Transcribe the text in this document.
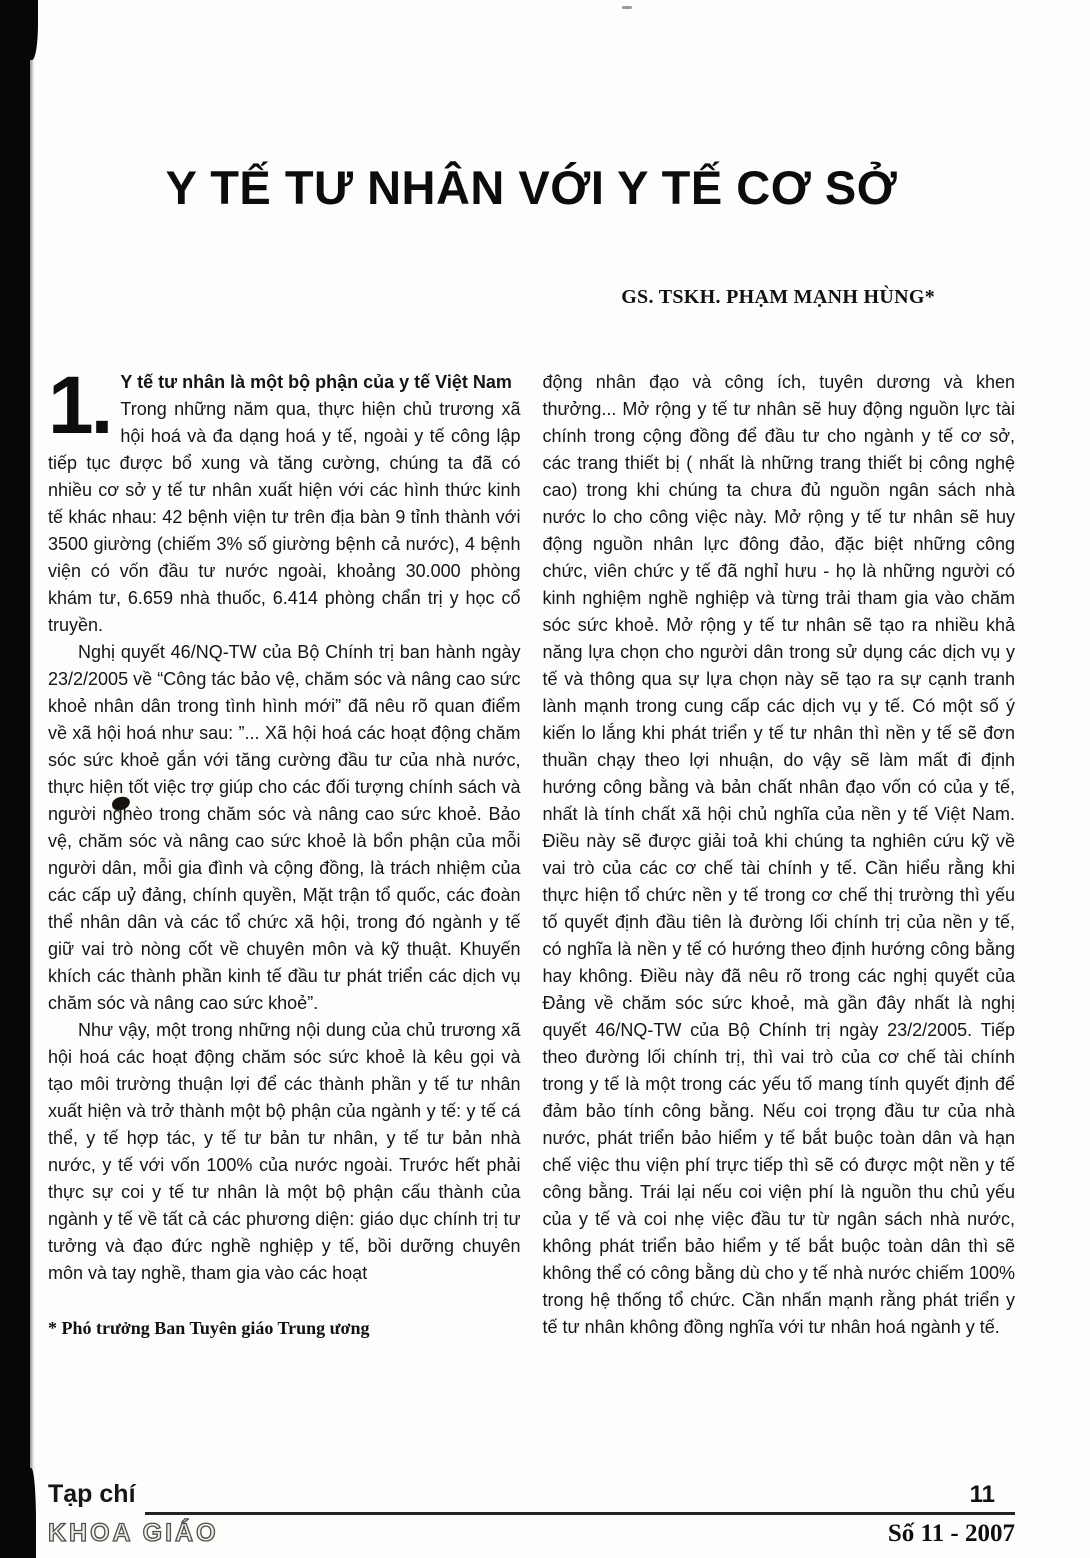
Y TẾ TƯ NHÂN VỚI Y TẾ CƠ SỞ
GS. TSKH. PHẠM MẠNH HÙNG*

1. Y tế tư nhân là một bộ phận của y tế Việt Nam
Trong những năm qua, thực hiện chủ trương xã hội hoá và đa dạng hoá y tế, ngoài y tế công lập tiếp tục được bổ xung và tăng cường, chúng ta đã có nhiều cơ sở y tế tư nhân xuất hiện với các hình thức kinh tế khác nhau: 42 bệnh viện tư trên địa bàn 9 tỉnh thành với 3500 giường (chiếm 3% số giường bệnh cả nước), 4 bệnh viện có vốn đầu tư nước ngoài, khoảng 30.000 phòng khám tư, 6.659 nhà thuốc, 6.414 phòng chẩn trị y học cổ truyền.

Nghị quyết 46/NQ-TW của Bộ Chính trị ban hành ngày 23/2/2005 về “Công tác bảo vệ, chăm sóc và nâng cao sức khoẻ nhân dân trong tình hình mới” đã nêu rõ quan điểm về xã hội hoá như sau: ”... Xã hội hoá các hoạt động chăm sóc sức khoẻ gắn với tăng cường đầu tư của nhà nước, thực hiện tốt việc trợ giúp cho các đối tượng chính sách và người nghèo trong chăm sóc và nâng cao sức khoẻ. Bảo vệ, chăm sóc và nâng cao sức khoẻ là bổn phận của mỗi người dân, mỗi gia đình và cộng đồng, là trách nhiệm của các cấp uỷ đảng, chính quyền, Mặt trận tổ quốc, các đoàn thể nhân dân và các tổ chức xã hội, trong đó ngành y tế giữ vai trò nòng cốt về chuyên môn và kỹ thuật. Khuyến khích các thành phần kinh tế đầu tư phát triển các dịch vụ chăm sóc và nâng cao sức khoẻ”.

Như vậy, một trong những nội dung của chủ trương xã hội hoá các hoạt động chăm sóc sức khoẻ là kêu gọi và tạo môi trường thuận lợi để các thành phần y tế tư nhân xuất hiện và trở thành một bộ phận của ngành y tế: y tế cá thể, y tế hợp tác, y tế tư bản tư nhân, y tế tư bản nhà nước, y tế với vốn 100% của nước ngoài. Trước hết phải thực sự coi y tế tư nhân là một bộ phận cấu thành của ngành y tế về tất cả các phương diện: giáo dục chính trị tư tưởng và đạo đức nghề nghiệp y tế, bồi dưỡng chuyên môn và tay nghề, tham gia vào các hoạt

* Phó trưởng Ban Tuyên giáo Trung ương

động nhân đạo và công ích, tuyên dương và khen thưởng... Mở rộng y tế tư nhân sẽ huy động nguồn lực tài chính trong cộng đồng để đầu tư cho ngành y tế cơ sở, các trang thiết bị ( nhất là những trang thiết bị công nghệ cao) trong khi chúng ta chưa đủ nguồn ngân sách nhà nước lo cho công việc này. Mở rộng y tế tư nhân sẽ huy động nguồn nhân lực đông đảo, đặc biệt những công chức, viên chức y tế đã nghỉ hưu - họ là những người có kinh nghiệm nghề nghiệp và từng trải tham gia vào chăm sóc sức khoẻ. Mở rộng y tế tư nhân sẽ tạo ra nhiều khả năng lựa chọn cho người dân trong sử dụng các dịch vụ y tế và thông qua sự lựa chọn này sẽ tạo ra sự cạnh tranh lành mạnh trong cung cấp các dịch vụ y tế. Có một số ý kiến lo lắng khi phát triển y tế tư nhân thì nền y tế sẽ đơn thuần chạy theo lợi nhuận, do vậy sẽ làm mất đi định hướng công bằng và bản chất nhân đạo vốn có của y tế, nhất là tính chất xã hội chủ nghĩa của nền y tế Việt Nam. Điều này sẽ được giải toả khi chúng ta nghiên cứu kỹ về vai trò của các cơ chế tài chính y tế. Cần hiểu rằng khi thực hiện tổ chức nền y tế trong cơ chế thị trường thì yếu tố quyết định đầu tiên là đường lối chính trị của nền y tế, có nghĩa là nền y tế có hướng theo định hướng công bằng hay không. Điều này đã nêu rõ trong các nghị quyết của Đảng về chăm sóc sức khoẻ, mà gần đây nhất là nghị quyết 46/NQ-TW của Bộ Chính trị ngày 23/2/2005. Tiếp theo đường lối chính trị, thì vai trò của cơ chế tài chính trong y tế là một trong các yếu tố mang tính quyết định để đảm bảo tính công bằng. Nếu coi trọng đầu tư của nhà nước, phát triển bảo hiểm y tế bắt buộc toàn dân và hạn chế việc thu viện phí trực tiếp thì sẽ có được một nền y tế công bằng. Trái lại nếu coi viện phí là nguồn thu chủ yếu của y tế và coi nhẹ việc đầu tư từ ngân sách nhà nước, không phát triển bảo hiểm y tế bắt buộc toàn dân thì sẽ không thể có công bằng dù cho y tế nhà nước chiếm 100% trong hệ thống tổ chức. Cần nhấn mạnh rằng phát triển y tế tư nhân không đồng nghĩa với tư nhân hoá ngành y tế.

Tạp chí	11
KHOA GIÁO	Số 11 - 2007
